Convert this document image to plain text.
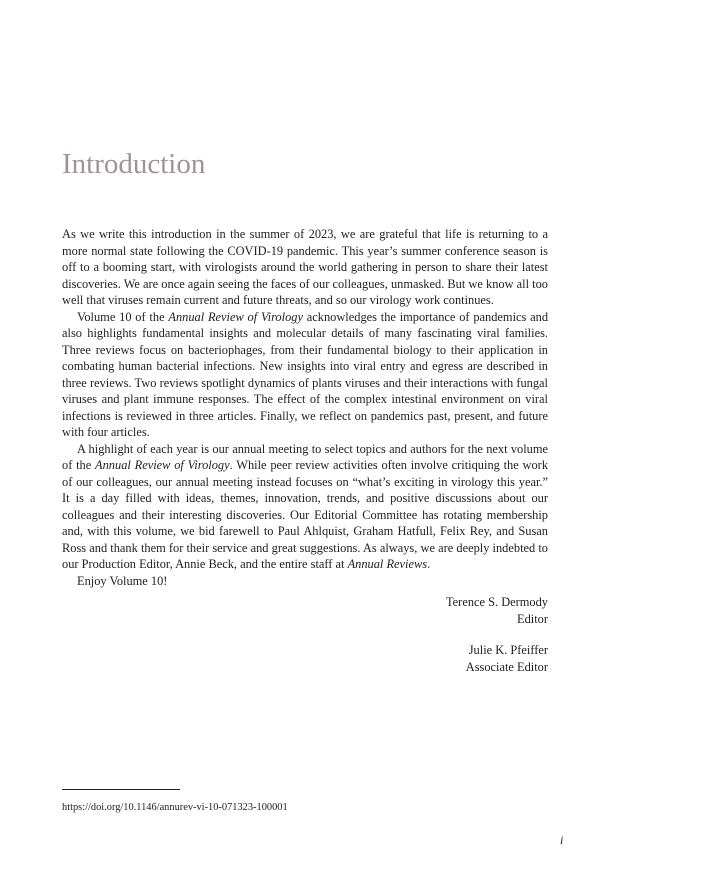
Introduction

As we write this introduction in the summer of 2023, we are grateful that life is returning to a more normal state following the COVID-19 pandemic. This year’s summer conference season is off to a booming start, with virologists around the world gathering in person to share their latest discoveries. We are once again seeing the faces of our colleagues, unmasked. But we know all too well that viruses remain current and future threats, and so our virology work continues.

Volume 10 of the Annual Review of Virology acknowledges the importance of pandemics and also highlights fundamental insights and molecular details of many fascinating viral families. Three reviews focus on bacteriophages, from their fundamental biology to their application in combating human bacterial infections. New insights into viral entry and egress are described in three reviews. Two reviews spotlight dynamics of plants viruses and their interactions with fungal viruses and plant immune responses. The effect of the complex intestinal environment on viral infections is reviewed in three articles. Finally, we reflect on pandemics past, present, and future with four articles.

A highlight of each year is our annual meeting to select topics and authors for the next volume of the Annual Review of Virology. While peer review activities often involve critiquing the work of our colleagues, our annual meeting instead focuses on “what’s exciting in virology this year.” It is a day filled with ideas, themes, innovation, trends, and positive discussions about our colleagues and their interesting discoveries. Our Editorial Committee has rotating membership and, with this volume, we bid farewell to Paul Ahlquist, Graham Hatfull, Felix Rey, and Susan Ross and thank them for their service and great suggestions. As always, we are deeply indebted to our Production Editor, Annie Beck, and the entire staff at Annual Reviews.

Enjoy Volume 10!

Terence S. Dermody
Editor
Julie K. Pfeiffer
Associate Editor
https://doi.org/10.1146/annurev-vi-10-071323-100001
i
